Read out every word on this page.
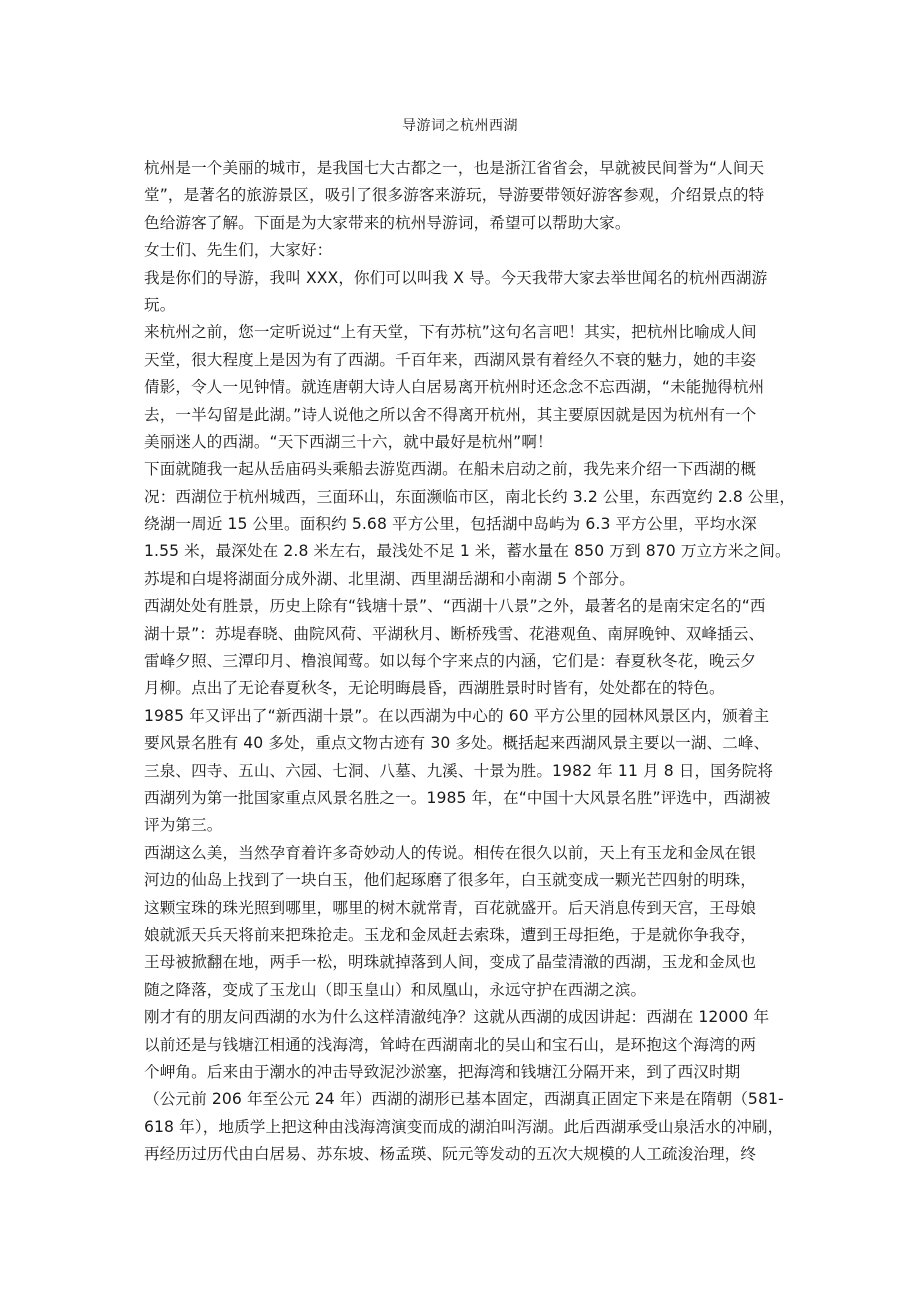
导游词之杭州西湖
杭州是一个美丽的城市，是我国七大古都之一，也是浙江省省会，早就被民间誉为“人间天
堂”，是著名的旅游景区，吸引了很多游客来游玩，导游要带领好游客参观，介绍景点的特
色给游客了解。下面是为大家带来的杭州导游词，希望可以帮助大家。
女士们、先生们，大家好：
我是你们的导游，我叫 XXX，你们可以叫我 X 导。今天我带大家去举世闻名的杭州西湖游
玩。
来杭州之前，您一定听说过“上有天堂，下有苏杭”这句名言吧！其实，把杭州比喻成人间
天堂，很大程度上是因为有了西湖。千百年来，西湖风景有着经久不衰的魅力，她的丰姿
倩影，令人一见钟情。就连唐朝大诗人白居易离开杭州时还念念不忘西湖，“未能抛得杭州
去，一半勾留是此湖。”诗人说他之所以舍不得离开杭州，其主要原因就是因为杭州有一个
美丽迷人的西湖。“天下西湖三十六，就中最好是杭州”啊！
下面就随我一起从岳庙码头乘船去游览西湖。在船未启动之前，我先来介绍一下西湖的概
况：西湖位于杭州城西，三面环山，东面濒临市区，南北长约 3.2 公里，东西宽约 2.8 公里，
绕湖一周近 15 公里。面积约 5.68 平方公里，包括湖中岛屿为 6.3 平方公里，平均水深
1.55 米，最深处在 2.8 米左右，最浅处不足 1 米，蓄水量在 850 万到 870 万立方米之间。
苏堤和白堤将湖面分成外湖、北里湖、西里湖岳湖和小南湖 5 个部分。
西湖处处有胜景，历史上除有“钱塘十景”、“西湖十八景”之外，最著名的是南宋定名的“西
湖十景”：苏堤春晓、曲院风荷、平湖秋月、断桥残雪、花港观鱼、南屏晚钟、双峰插云、
雷峰夕照、三潭印月、橹浪闻莺。如以每个字来点的内涵，它们是：春夏秋冬花，晚云夕
月柳。点出了无论春夏秋冬，无论明晦晨昏，西湖胜景时时皆有，处处都在的特色。
1985 年又评出了“新西湖十景”。在以西湖为中心的 60 平方公里的园林风景区内，颁着主
要风景名胜有 40 多处，重点文物古迹有 30 多处。概括起来西湖风景主要以一湖、二峰、
三泉、四寺、五山、六园、七洞、八墓、九溪、十景为胜。1982 年 11 月 8 日，国务院将
西湖列为第一批国家重点风景名胜之一。1985 年，在“中国十大风景名胜”评选中，西湖被
评为第三。
西湖这么美，当然孕育着许多奇妙动人的传说。相传在很久以前，天上有玉龙和金凤在银
河边的仙岛上找到了一块白玉，他们起琢磨了很多年，白玉就变成一颗光芒四射的明珠，
这颗宝珠的珠光照到哪里，哪里的树木就常青，百花就盛开。后天消息传到天宫，王母娘
娘就派天兵天将前来把珠抢走。玉龙和金凤赶去索珠，遭到王母拒绝，于是就你争我夺，
王母被掀翻在地，两手一松，明珠就掉落到人间，变成了晶莹清澈的西湖，玉龙和金凤也
随之降落，变成了玉龙山（即玉皇山）和凤凰山，永远守护在西湖之滨。
刚才有的朋友问西湖的水为什么这样清澈纯净？这就从西湖的成因讲起：西湖在 12000 年
以前还是与钱塘江相通的浅海湾，耸峙在西湖南北的吴山和宝石山，是环抱这个海湾的两
个岬角。后来由于潮水的冲击导致泥沙淤塞，把海湾和钱塘江分隔开来，到了西汉时期
（公元前 206 年至公元 24 年）西湖的湖形已基本固定，西湖真正固定下来是在隋朝（581-
618 年），地质学上把这种由浅海湾演变而成的湖泊叫泻湖。此后西湖承受山泉活水的冲刷，
再经历过历代由白居易、苏东坡、杨孟瑛、阮元等发动的五次大规模的人工疏浚治理，终
